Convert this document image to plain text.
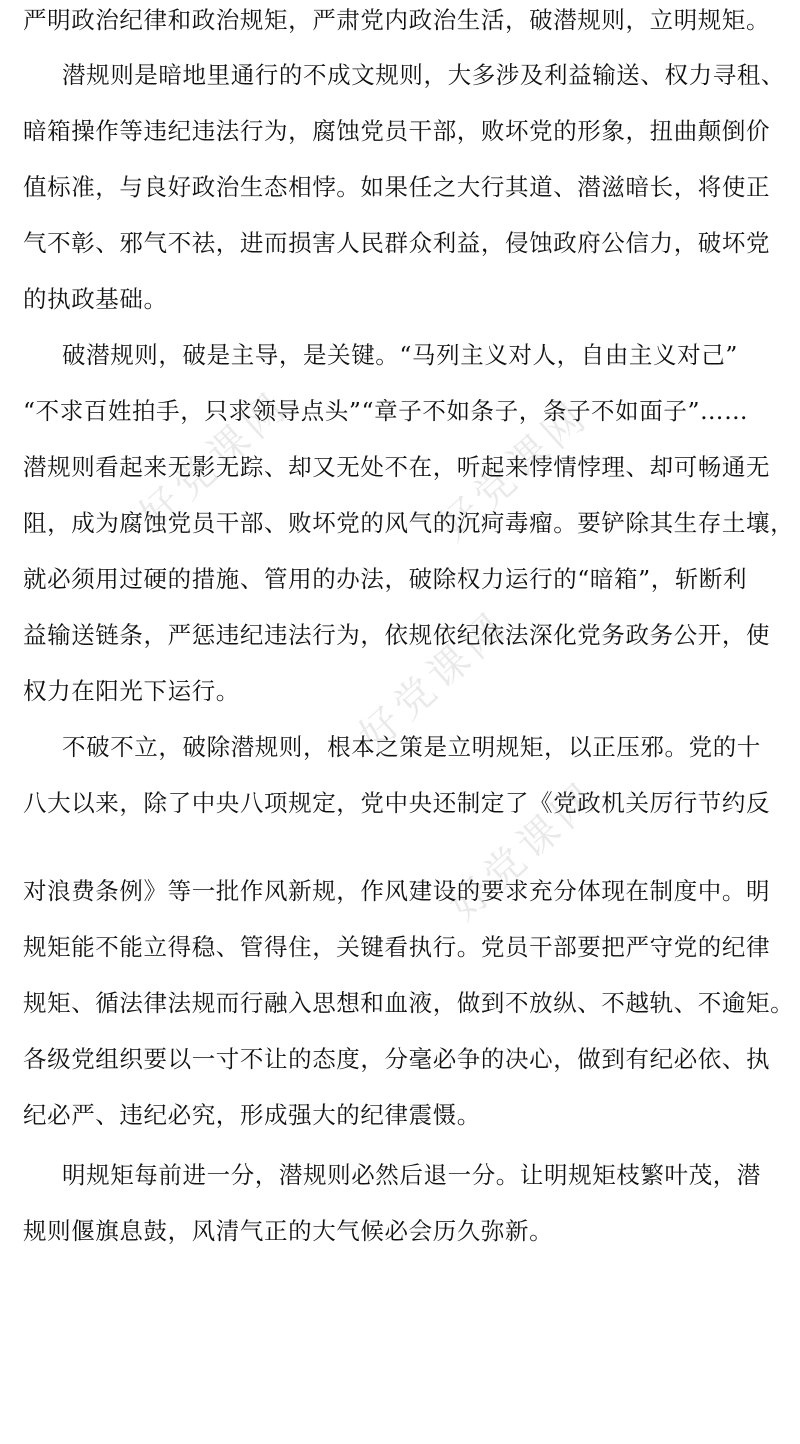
好党课网	好党课网
好党课网
好党课网
严明政治纪律和政治规矩，严肃党内政治生活，破潜规则，立明规矩。
潜规则是暗地里通行的不成文规则，大多涉及利益输送、权力寻租、
暗箱操作等违纪违法行为，腐蚀党员干部，败坏党的形象，扭曲颠倒价
值标准，与良好政治生态相悖。如果任之大行其道、潜滋暗长，将使正
气不彰、邪气不祛，进而损害人民群众利益，侵蚀政府公信力，破坏党
的执政基础。
破潜规则，破是主导，是关键。“马列主义对人，自由主义对己”
“不求百姓拍手，只求领导点头”“章子不如条子，条子不如面子”……
潜规则看起来无影无踪、却又无处不在，听起来悖情悖理、却可畅通无
阻，成为腐蚀党员干部、败坏党的风气的沉疴毒瘤。要铲除其生存土壤，
就必须用过硬的措施、管用的办法，破除权力运行的“暗箱”，斩断利
益输送链条，严惩违纪违法行为，依规依纪依法深化党务政务公开，使
权力在阳光下运行。
不破不立，破除潜规则，根本之策是立明规矩，以正压邪。党的十
八大以来，除了中央八项规定，党中央还制定了《党政机关厉行节约反
对浪费条例》等一批作风新规，作风建设的要求充分体现在制度中。明
规矩能不能立得稳、管得住，关键看执行。党员干部要把严守党的纪律
规矩、循法律法规而行融入思想和血液，做到不放纵、不越轨、不逾矩。
各级党组织要以一寸不让的态度，分毫必争的决心，做到有纪必依、执
纪必严、违纪必究，形成强大的纪律震慑。
明规矩每前进一分，潜规则必然后退一分。让明规矩枝繁叶茂，潜
规则偃旗息鼓，风清气正的大气候必会历久弥新。
